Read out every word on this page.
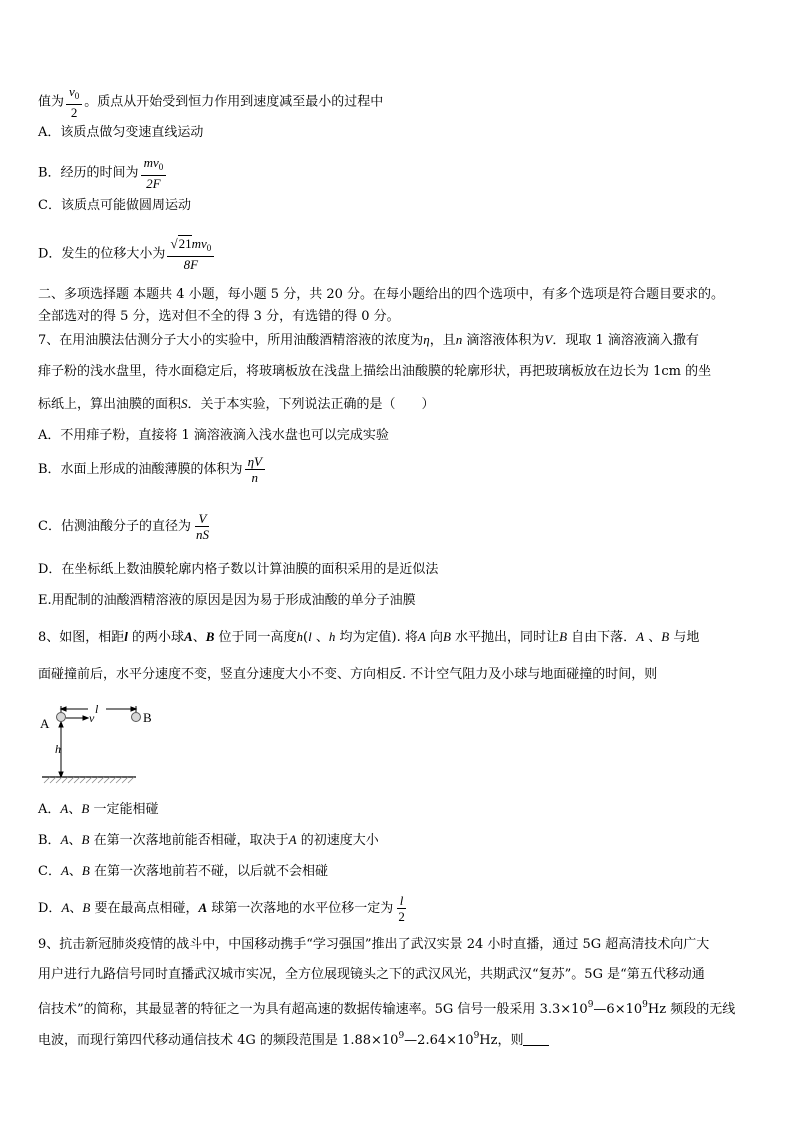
值为 $\frac{v_0}{2}$ 。质点从开始受到恒力作用到速度减至最小的过程中
A．该质点做匀变速直线运动
B．经历的时间为 $\frac{mv_0}{2F}$
C．该质点可能做圆周运动
D．发生的位移大小为 $\frac{√21mv_0}{8F}$
二、多项选择题 本题共 4 小题，每小题 5 分，共 20 分。在每小题给出的四个选项中，有多个选项是符合题目要求的。
全部选对的得 5 分，选对但不全的得 3 分，有选错的得 0 分。
7、在用油膜法估测分子大小的实验中，所用油酸酒精溶液的浓度为η，且n 滴溶液体积为V．现取 1 滴溶液滴入撒有
痱子粉的浅水盘里，待水面稳定后，将玻璃板放在浅盘上描绘出油酸膜的轮廓形状，再把玻璃板放在边长为 1cm 的坐
标纸上，算出油膜的面积S．关于本实验，下列说法正确的是（　　）
A．不用痱子粉，直接将 1 滴溶液滴入浅水盘也可以完成实验
B．水面上形成的油酸薄膜的体积为 $\frac{\eta V}{n}$
C．估测油酸分子的直径为 $\frac{V}{nS}$
D．在坐标纸上数油膜轮廓内格子数以计算油膜的面积采用的是近似法
E.用配制的油酸酒精溶液的原因是因为易于形成油酸的单分子油膜
8、如图，相距l 的两小球A、B 位于同一高度h(l 、h 均为定值). 将A 向B 水平抛出，同时让B 自由下落．A 、B 与地
面碰撞前后，水平分速度不变，竖直分速度大小不变、方向相反. 不计空气阻力及小球与地面碰撞的时间，则
A	B
v
l
h
A．A、B 一定能相碰
B．A、B 在第一次落地前能否相碰，取决于A 的初速度大小
C．A、B 在第一次落地前若不碰，以后就不会相碰
D．A、B 要在最高点相碰，A 球第一次落地的水平位移一定为 $\frac{l}{2}$
9、抗击新冠肺炎疫情的战斗中，中国移动携手“学习强国”推出了武汉实景 24 小时直播，通过 5G 超高清技术向广大
用户进行九路信号同时直播武汉城市实况，全方位展现镜头之下的武汉风光，共期武汉“复苏”。5G 是“第五代移动通
信技术”的简称，其最显著的特征之一为具有超高速的数据传输速率。5G 信号一般采用 $3.3\times 10^9—6\times 10^9Hz$ 频段的无线
电波，而现行第四代移动通信技术 4G 的频段范围是 $1.88\times 10^9—2.64\times 10^9Hz$，则
